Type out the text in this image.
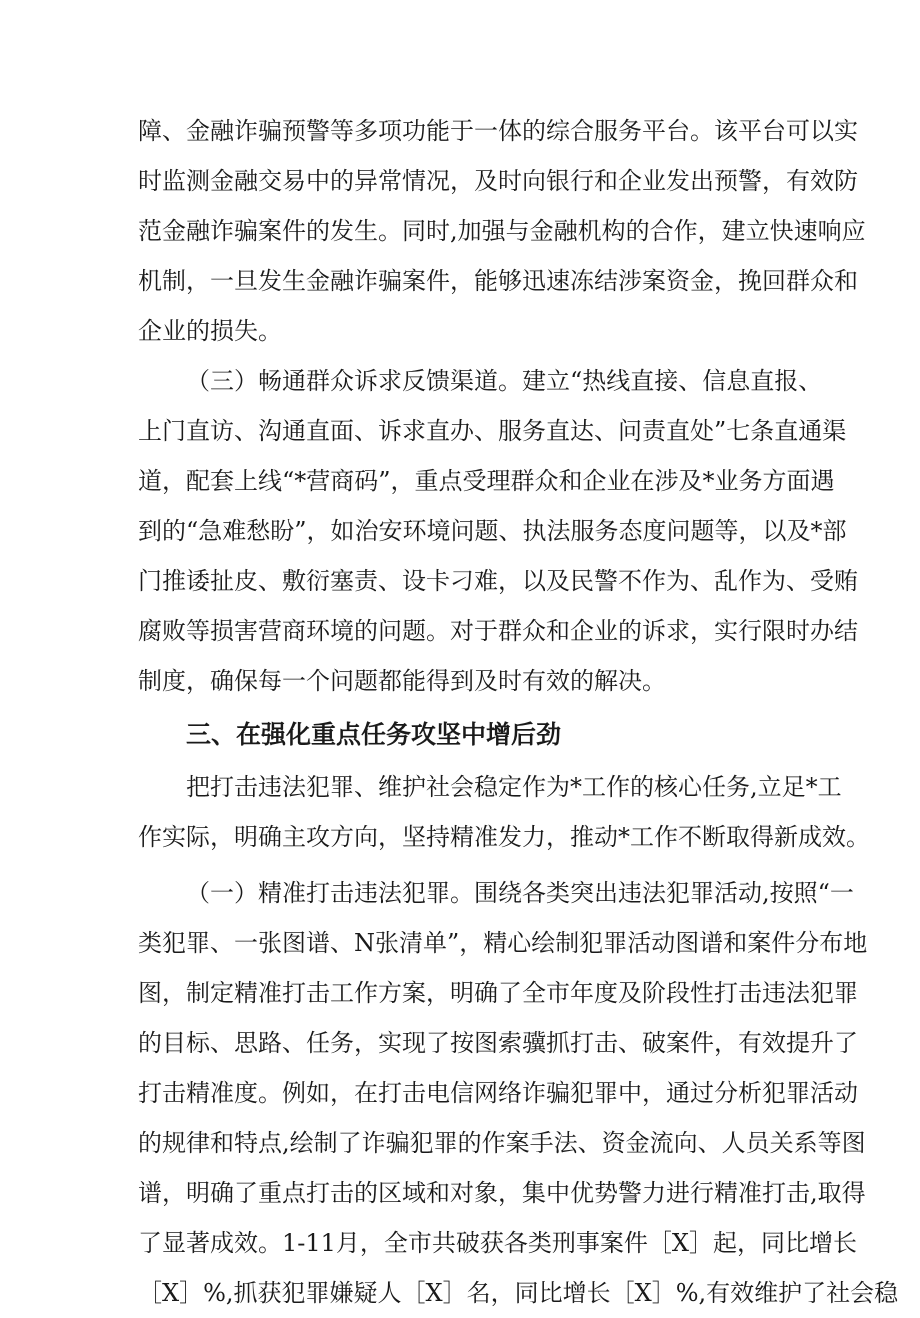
障、金融诈骗预警等多项功能于一体的综合服务平台。该平台可以实
时监测金融交易中的异常情况，及时向银行和企业发出预警，有效防
范金融诈骗案件的发生。同时,加强与金融机构的合作，建立快速响应
机制，一旦发生金融诈骗案件，能够迅速冻结涉案资金，挽回群众和
企业的损失。
（三）畅通群众诉求反馈渠道。建立“热线直接、信息直报、
上门直访、沟通直面、诉求直办、服务直达、问责直处”七条直通渠
道，配套上线“*营商码”，重点受理群众和企业在涉及*业务方面遇
到的“急难愁盼”，如治安环境问题、执法服务态度问题等，以及*部
门推诿扯皮、敷衍塞责、设卡刁难，以及民警不作为、乱作为、受贿
腐败等损害营商环境的问题。对于群众和企业的诉求，实行限时办结
制度，确保每一个问题都能得到及时有效的解决。
三、在强化重点任务攻坚中增后劲
把打击违法犯罪、维护社会稳定作为*工作的核心任务,立足*工
作实际，明确主攻方向，坚持精准发力，推动*工作不断取得新成效。
（一）精准打击违法犯罪。围绕各类突出违法犯罪活动,按照“一
类犯罪、一张图谱、N张清单”，精心绘制犯罪活动图谱和案件分布地
图，制定精准打击工作方案，明确了全市年度及阶段性打击违法犯罪
的目标、思路、任务，实现了按图索骥抓打击、破案件，有效提升了
打击精准度。例如，在打击电信网络诈骗犯罪中，通过分析犯罪活动
的规律和特点,绘制了诈骗犯罪的作案手法、资金流向、人员关系等图
谱，明确了重点打击的区域和对象，集中优势警力进行精准打击,取得
了显著成效。1-11月，全市共破获各类刑事案件［X］起，同比增长
［X］%,抓获犯罪嫌疑人［X］名，同比增长［X］%,有效维护了社会稳
